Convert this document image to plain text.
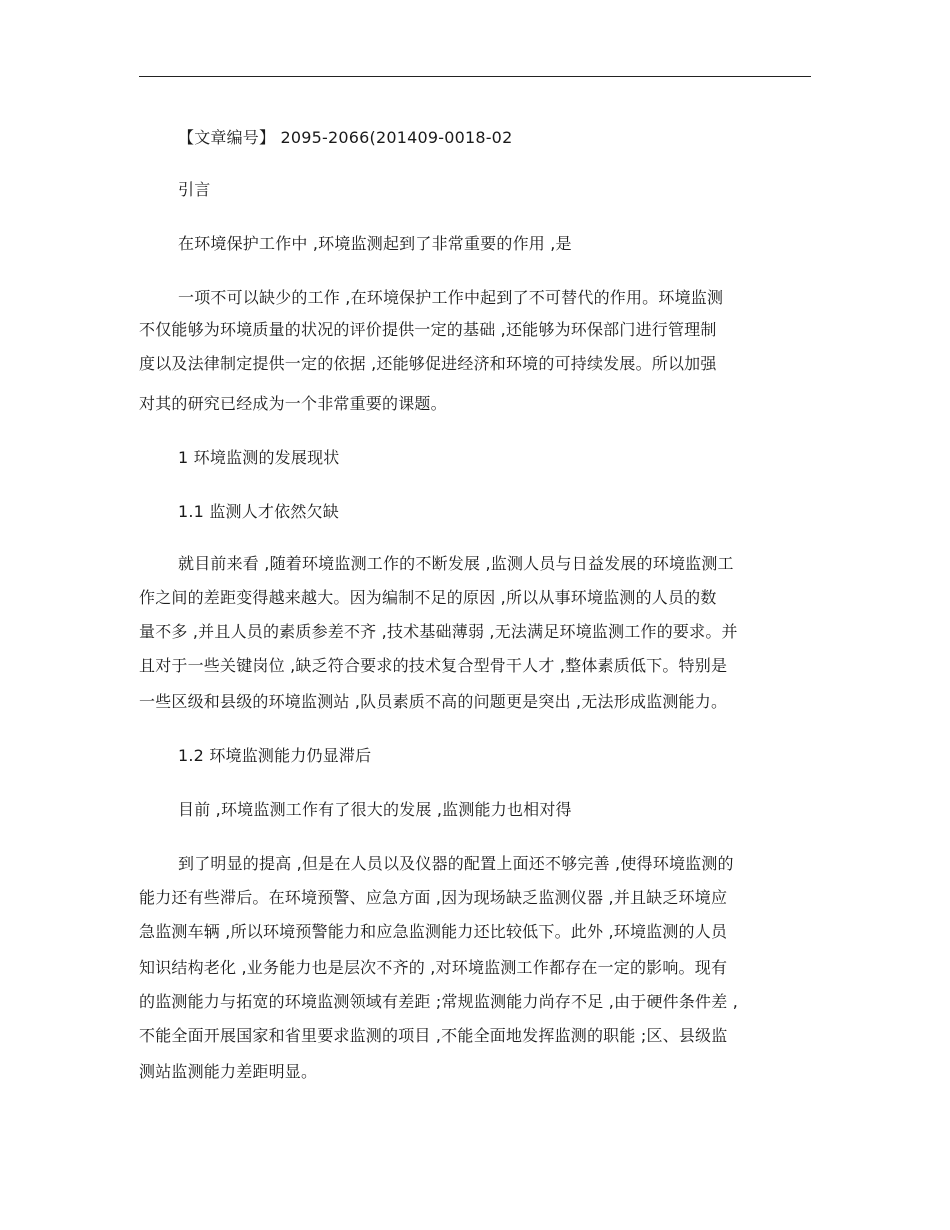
【文章编号】 2095-2066(201409-0018-02
引言
在环境保护工作中 ,环境监测起到了非常重要的作用 ,是
一项不可以缺少的工作 ,在环境保护工作中起到了不可替代的作用。环境监测
不仅能够为环境质量的状况的评价提供一定的基础 ,还能够为环保部门进行管理制
度以及法律制定提供一定的依据 ,还能够促进经济和环境的可持续发展。所以加强
对其的研究已经成为一个非常重要的课题。
1 环境监测的发展现状
1.1 监测人才依然欠缺
就目前来看 ,随着环境监测工作的不断发展 ,监测人员与日益发展的环境监测工
作之间的差距变得越来越大。因为编制不足的原因 ,所以从事环境监测的人员的数
量不多 ,并且人员的素质参差不齐 ,技术基础薄弱 ,无法满足环境监测工作的要求。并
且对于一些关键岗位 ,缺乏符合要求的技术复合型骨干人才 ,整体素质低下。特别是
一些区级和县级的环境监测站 ,队员素质不高的问题更是突出 ,无法形成监测能力。
1.2 环境监测能力仍显滞后
目前 ,环境监测工作有了很大的发展 ,监测能力也相对得
到了明显的提高 ,但是在人员以及仪器的配置上面还不够完善 ,使得环境监测的
能力还有些滞后。在环境预警、应急方面 ,因为现场缺乏监测仪器 ,并且缺乏环境应
急监测车辆 ,所以环境预警能力和应急监测能力还比较低下。此外 ,环境监测的人员
知识结构老化 ,业务能力也是层次不齐的 ,对环境监测工作都存在一定的影响。现有
的监测能力与拓宽的环境监测领域有差距 ;常规监测能力尚存不足 ,由于硬件条件差 ,
不能全面开展国家和省里要求监测的项目 ,不能全面地发挥监测的职能 ;区、县级监
测站监测能力差距明显。
